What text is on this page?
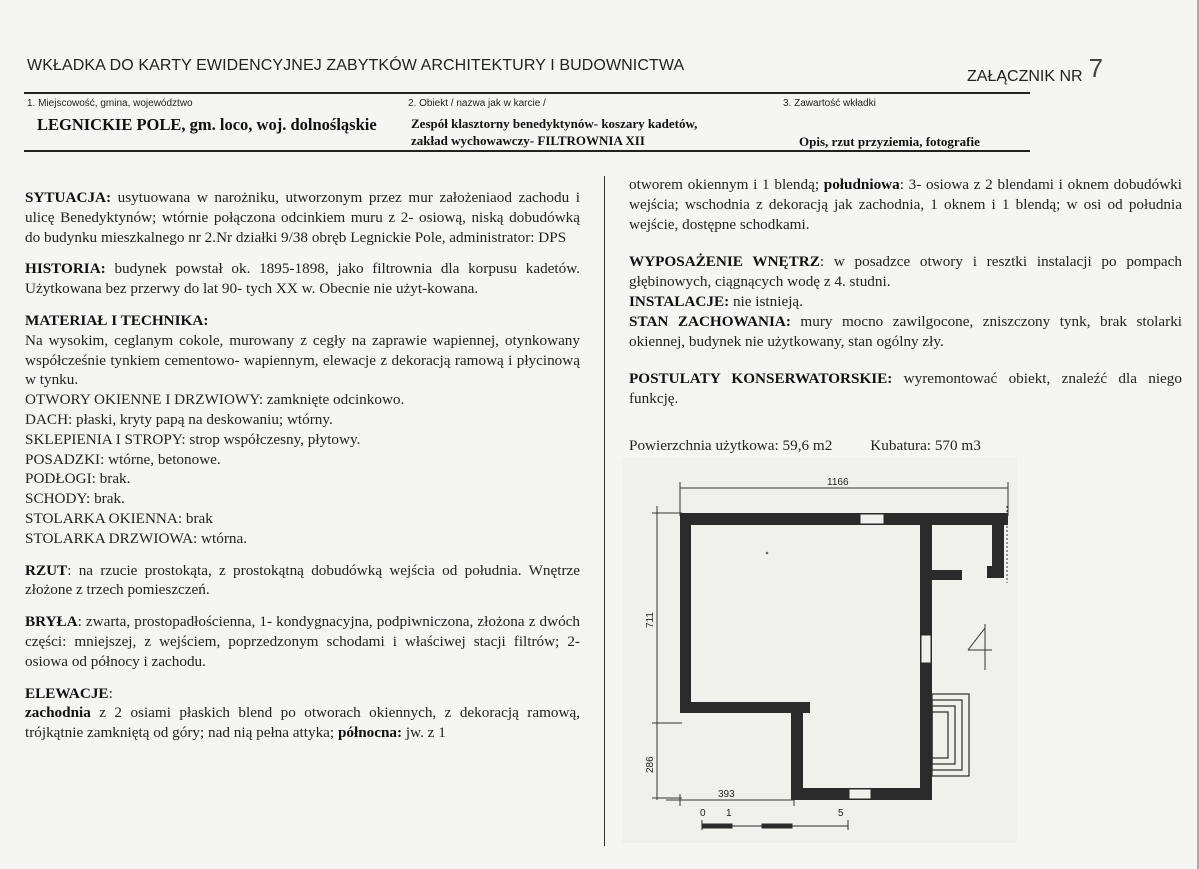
WKŁADKA DO KARTY EWIDENCYJNEJ ZABYTKÓW ARCHITEKTURY I BUDOWNICTWA
ZAŁĄCZNIK NR 7
1. Miejscowość, gmina, województwo
LEGNICKIE POLE, gm. loco, woj. dolnośląskie
2. Obiekt / nazwa jak w karcie /
Zespół klasztorny benedyktynów- koszary kadetów,
zakład wychowawczy- FILTROWNIA XII
3. Zawartość wkładki
Opis, rzut przyziemia, fotografie

SYTUACJA: usytuowana w narożniku, utworzonym przez mur założeniaod zachodu i ulicę Benedyktynów; wtórnie połączona odcinkiem muru z 2- osiową, niską dobudówką do budynku mieszkalnego nr 2.Nr działki 9/38 obręb Legnickie Pole, administrator: DPS

HISTORIA: budynek powstał ok. 1895-1898, jako filtrownia dla korpusu kadetów. Użytkowana bez przerwy do lat 90- tych XX w. Obecnie nie użyt-kowana.

MATERIAŁ I TECHNIKA:

Na wysokim, ceglanym cokole, murowany z cegły na zaprawie wapiennej, otynkowany współcześnie tynkiem cementowo- wapiennym, elewacje z dekoracją ramową i płycinową w tynku.

OTWORY OKIENNE I DRZWIOWY: zamknięte odcinkowo.
DACH: płaski, kryty papą na deskowaniu; wtórny.
SKLEPIENIA I STROPY: strop współczesny, płytowy.
POSADZKI: wtórne, betonowe.
PODŁOGI: brak.
SCHODY: brak.
STOLARKA OKIENNA: brak
STOLARKA DRZWIOWA: wtórna.

RZUT: na rzucie prostokąta, z prostokątną dobudówką wejścia od południa. Wnętrze złożone z trzech pomieszczeń.

BRYŁA: zwarta, prostopadłościenna, 1- kondygnacyjna, podpiwniczona, złożona z dwóch części: mniejszej, z wejściem, poprzedzonym schodami i właściwej stacji filtrów; 2- osiowa od północy i zachodu.

ELEWACJE:

zachodnia z 2 osiami płaskich blend po otworach okiennych, z dekoracją ramową, trójkątnie zamkniętą od góry; nad nią pełna attyka; północna: jw. z 1

otworem okiennym i 1 blendą; południowa: 3- osiowa z 2 blendami i oknem dobudówki wejścia; wschodnia z dekoracją jak zachodnia, 1 oknem i 1 blendą; w osi od południa wejście, dostępne schodkami.

WYPOSAŻENIE WNĘTRZ: w posadzce otwory i resztki instalacji po pompach głębinowych, ciągnących wodę z 4. studni.

INSTALACJE: nie istnieją.

STAN ZACHOWANIA: mury mocno zawilgocone, zniszczony tynk, brak stolarki okiennej, budynek nie użytkowany, stan ogólny zły.

POSTULATY KONSERWATORSKIE: wyremontować obiekt, znaleźć dla niego funkcję.

Powierzchnia użytkowa: 59,6 m2	Kubatura: 570 m3
1166
711
286
393
0 1	5
